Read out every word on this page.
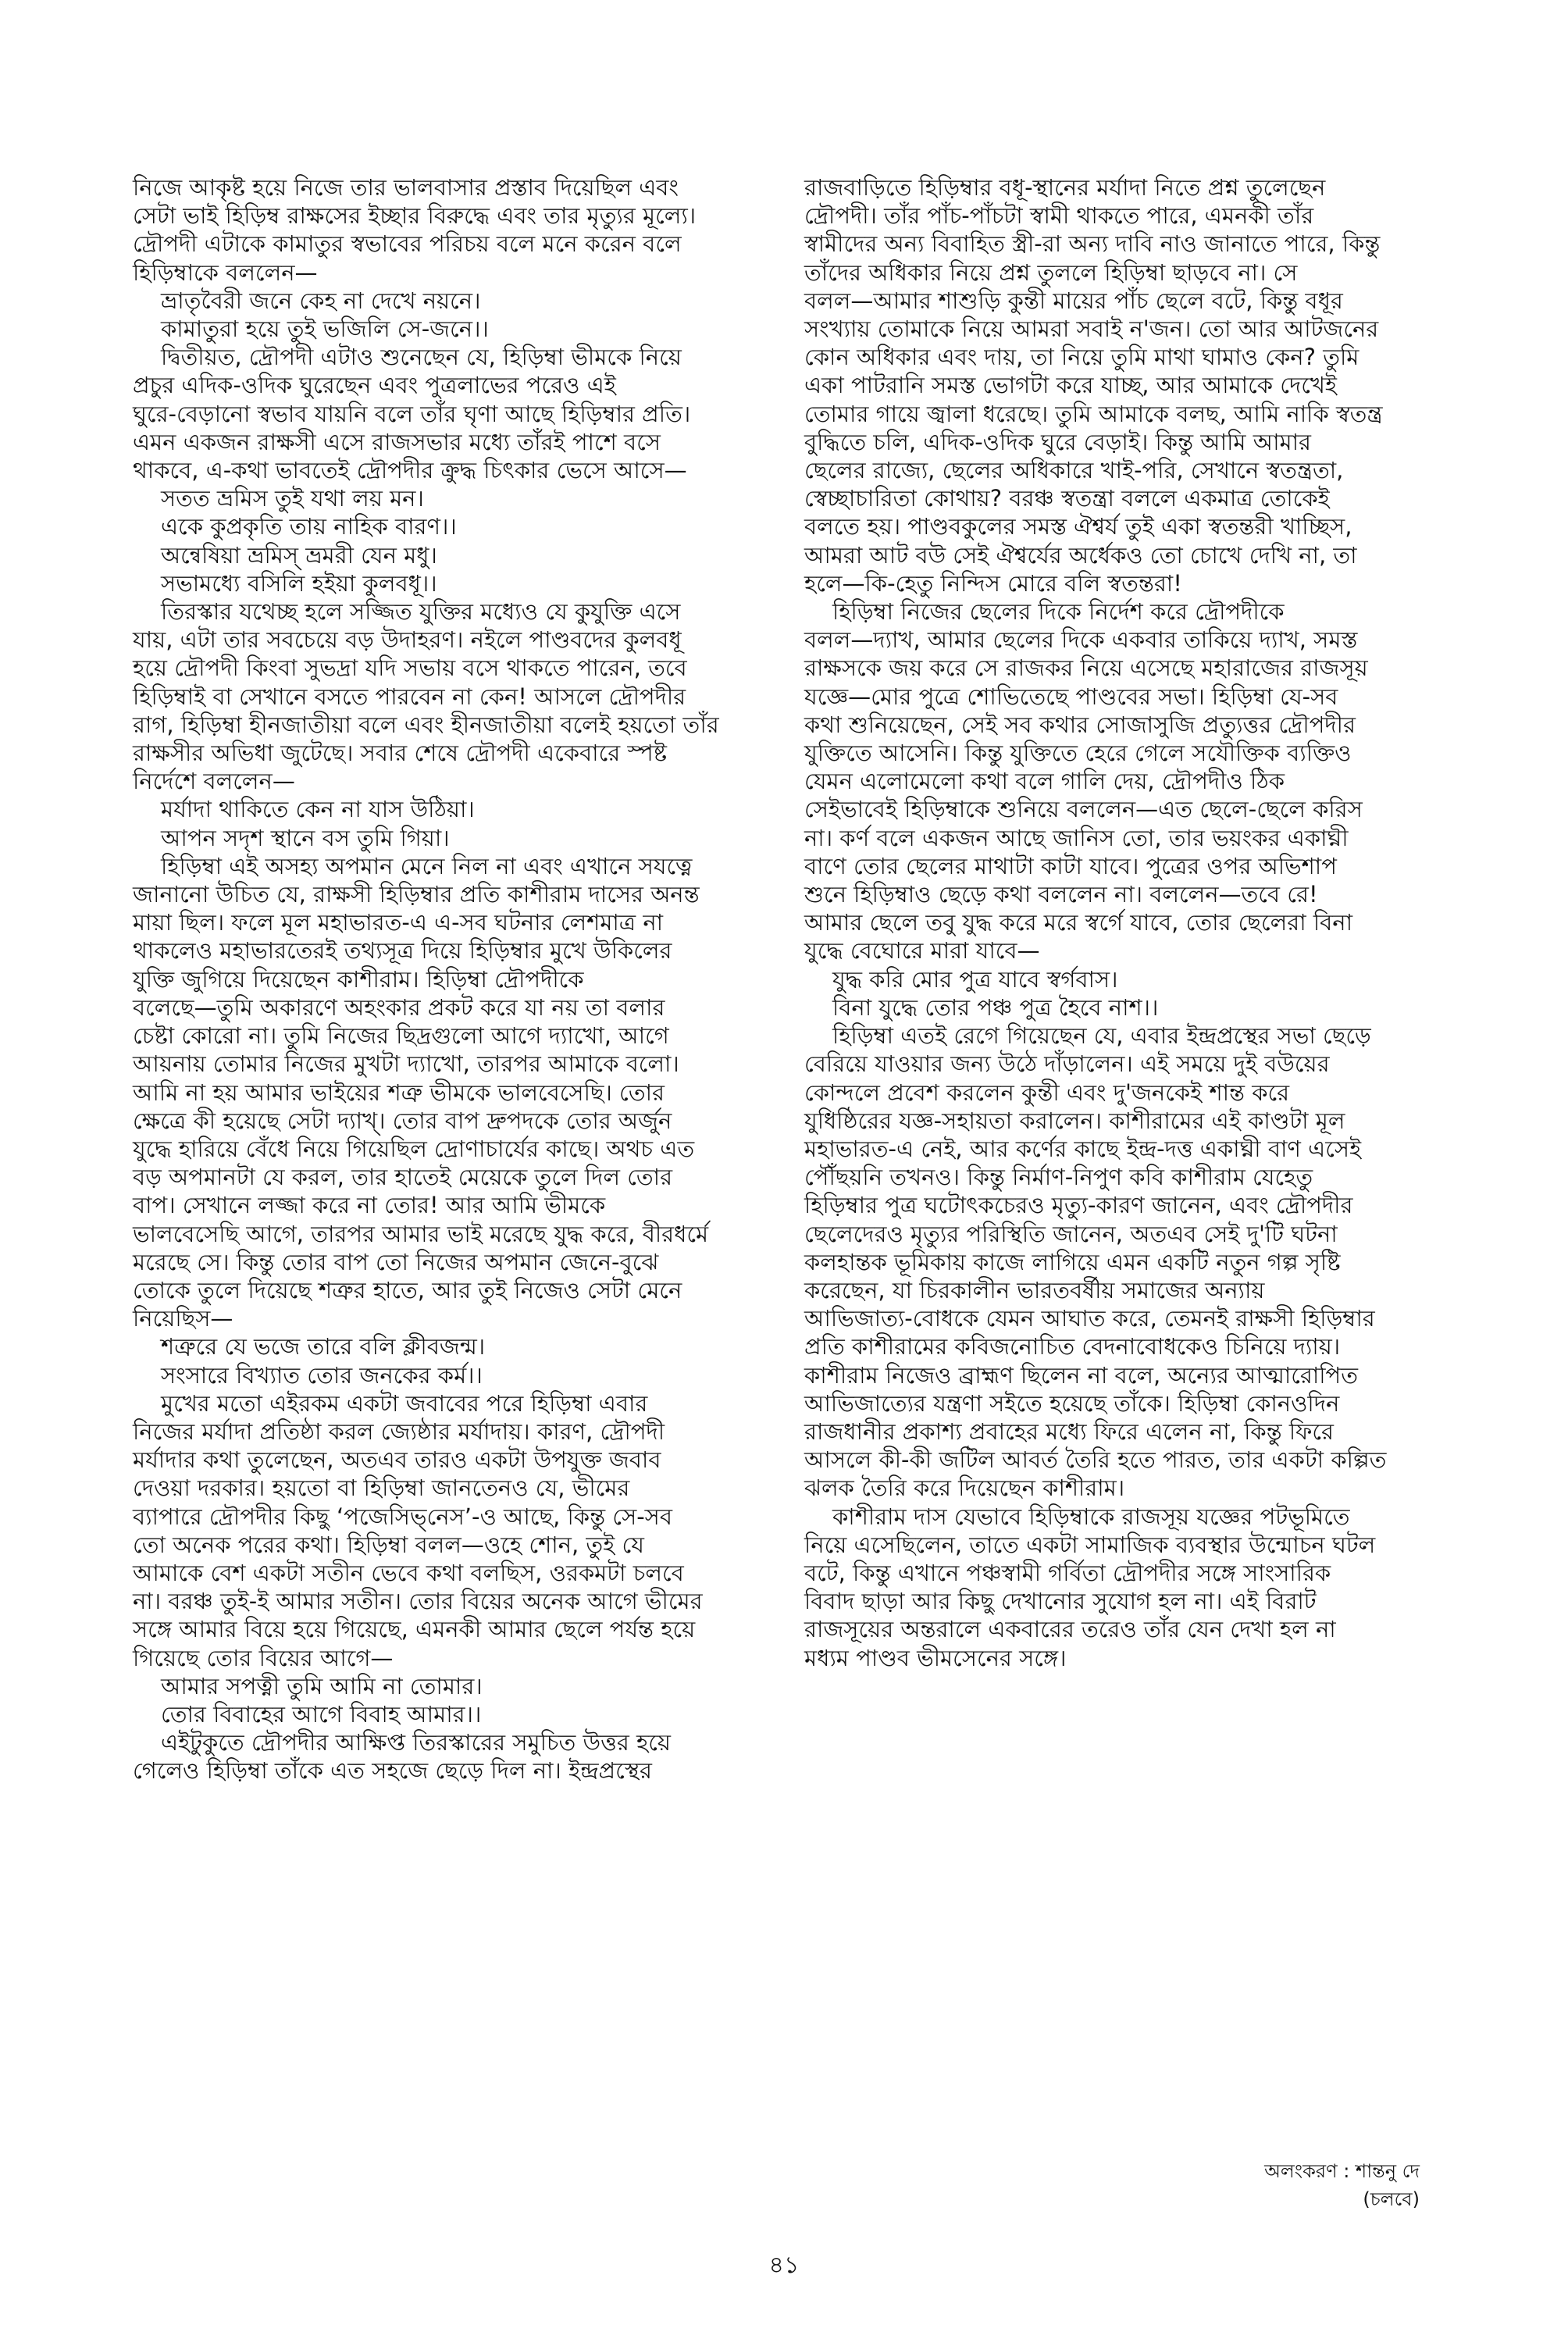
নিজে আকৃষ্ট হয়ে নিজে তার ভালবাসার প্রস্তাব দিয়েছিল এবং

সেটা ভাই হিড়িম্ব রাক্ষসের ইচ্ছার বিরুদ্ধে এবং তার মৃত্যুর মূল্যে।

দ্রৌপদী এটাকে কামাতুর স্বভাবের পরিচয় বলে মনে করেন বলে

হিড়িম্বাকে বললেন—

ভ্রাতৃবৈরী জনে কেহ না দেখে নয়নে।

কামাতুরা হয়ে তুই ভজিলি সে-জনে।।

দ্বিতীয়ত, দ্রৌপদী এটাও শুনেছেন যে, হিড়িম্বা ভীমকে নিয়ে

প্রচুর এদিক-ওদিক ঘুরেছেন এবং পুত্রলাভের পরেও এই

ঘুরে-বেড়ানো স্বভাব যায়নি বলে তাঁর ঘৃণা আছে হিড়িম্বার প্রতি।

এমন একজন রাক্ষসী এসে রাজসভার মধ্যে তাঁরই পাশে বসে

থাকবে, এ-কথা ভাবতেই দ্রৌপদীর ক্রুদ্ধ চিৎকার ভেসে আসে—

সতত ভ্রমিস তুই যথা লয় মন।

একে কুপ্রকৃতি তায় নাহিক বারণ।।

অন্বেষিয়া ভ্রমিস্ ভ্রমরী যেন মধু।

সভামধ্যে বসিলি হইয়া কুলবধূ।।

তিরস্কার যথেচ্ছ হলে সজ্জিত যুক্তির মধ্যেও যে কুযুক্তি এসে

যায়, এটা তার সবচেয়ে বড় উদাহরণ। নইলে পাণ্ডবদের কুলবধূ

হয়ে দ্রৌপদী কিংবা সুভদ্রা যদি সভায় বসে থাকতে পারেন, তবে

হিড়িম্বাই বা সেখানে বসতে পারবেন না কেন! আসলে দ্রৌপদীর

রাগ, হিড়িম্বা হীনজাতীয়া বলে এবং হীনজাতীয়া বলেই হয়তো তাঁর

রাক্ষসীর অভিধা জুটেছে। সবার শেষে দ্রৌপদী একেবারে স্পষ্ট

নির্দেশে বললেন—

মর্যাদা থাকিতে কেন না যাস উঠিয়া।

আপন সদৃশ স্থানে বস তুমি গিয়া।

হিড়িম্বা এই অসহ্য অপমান মেনে নিল না এবং এখানে সযত্নে

জানানো উচিত যে, রাক্ষসী হিড়িম্বার প্রতি কাশীরাম দাসের অনন্ত

মায়া ছিল। ফলে মূল মহাভারত-এ এ-সব ঘটনার লেশমাত্র না

থাকলেও মহাভারতেরই তথ্যসূত্র দিয়ে হিড়িম্বার মুখে উকিলের

যুক্তি জুগিয়ে দিয়েছেন কাশীরাম। হিড়িম্বা দ্রৌপদীকে

বলেছে—তুমি অকারণে অহংকার প্রকট করে যা নয় তা বলার

চেষ্টা কোরো না। তুমি নিজের ছিদ্রগুলো আগে দ্যাখো, আগে

আয়নায় তোমার নিজের মুখটা দ্যাখো, তারপর আমাকে বলো।

আমি না হয় আমার ভাইয়ের শত্রু ভীমকে ভালবেসেছি। তোর

ক্ষেত্রে কী হয়েছে সেটা দ্যাখ্। তোর বাপ দ্রুপদকে তোর অর্জুন

যুদ্ধে হারিয়ে বেঁধে নিয়ে গিয়েছিল দ্রোণাচার্যের কাছে। অথচ এত

বড় অপমানটা যে করল, তার হাতেই মেয়েকে তুলে দিল তোর

বাপ। সেখানে লজ্জা করে না তোর! আর আমি ভীমকে

ভালবেসেছি আগে, তারপর আমার ভাই মরেছে যুদ্ধ করে, বীরধর্মে

মরেছে সে। কিন্তু তোর বাপ তো নিজের অপমান জেনে-বুঝে

তোকে তুলে দিয়েছে শত্রুর হাতে, আর তুই নিজেও সেটা মেনে

নিয়েছিস—

শত্রুরে যে ভজে তারে বলি ক্লীবজন্ম।

সংসারে বিখ্যাত তোর জনকের কর্ম।।

মুখের মতো এইরকম একটা জবাবের পরে হিড়িম্বা এবার

নিজের মর্যাদা প্রতিষ্ঠা করল জ্যেষ্ঠার মর্যাদায়। কারণ, দ্রৌপদী

মর্যাদার কথা তুলেছেন, অতএব তারও একটা উপযুক্ত জবাব

দেওয়া দরকার। হয়তো বা হিড়িম্বা জানতেনও যে, ভীমের

ব্যাপারে দ্রৌপদীর কিছু ‘পজেসিভ্‌নেস’-ও আছে, কিন্তু সে-সব

তো অনেক পরের কথা। হিড়িম্বা বলল—ওহে শোন, তুই যে

আমাকে বেশ একটা সতীন ভেবে কথা বলছিস, ওরকমটা চলবে

না। বরঞ্চ তুই-ই আমার সতীন। তোর বিয়ের অনেক আগে ভীমের

সঙ্গে আমার বিয়ে হয়ে গিয়েছে, এমনকী আমার ছেলে পর্যন্ত হয়ে

গিয়েছে তোর বিয়ের আগে—

আমার সপত্নী তুমি আমি না তোমার।

তোর বিবাহের আগে বিবাহ আমার।।

এইটুকুতে দ্রৌপদীর আক্ষিপ্ত তিরস্কারের সমুচিত উত্তর হয়ে

গেলেও হিড়িম্বা তাঁকে এত সহজে ছেড়ে দিল না। ইন্দ্রপ্রস্থের

রাজবাড়িতে হিড়িম্বার বধূ-স্থানের মর্যাদা নিতে প্রশ্ন তুলেছেন

দ্রৌপদী। তাঁর পাঁচ-পাঁচটা স্বামী থাকতে পারে, এমনকী তাঁর

স্বামীদের অন্য বিবাহিত স্ত্রী-রা অন্য দাবি নাও জানাতে পারে, কিন্তু

তাঁদের অধিকার নিয়ে প্রশ্ন তুললে হিড়িম্বা ছাড়বে না। সে

বলল—আমার শাশুড়ি কুন্তী মায়ের পাঁচ ছেলে বটে, কিন্তু বধূর

সংখ্যায় তোমাকে নিয়ে আমরা সবাই ন'জন। তো আর আটজনের

কোন অধিকার এবং দায়, তা নিয়ে তুমি মাথা ঘামাও কেন? তুমি

একা পাটরানি সমস্ত ভোগটা করে যাচ্ছ, আর আমাকে দেখেই

তোমার গায়ে জ্বালা ধরেছে। তুমি আমাকে বলছ, আমি নাকি স্বতন্ত্র

বুদ্ধিতে চলি, এদিক-ওদিক ঘুরে বেড়াই। কিন্তু আমি আমার

ছেলের রাজ্যে, ছেলের অধিকারে খাই-পরি, সেখানে স্বতন্ত্রতা,

স্বেচ্ছাচারিতা কোথায়? বরঞ্চ স্বতন্ত্রা বললে একমাত্র তোকেই

বলতে হয়। পাণ্ডবকুলের সমস্ত ঐশ্বর্য তুই একা স্বতন্তরী খাচ্ছিস,

আমরা আট বউ সেই ঐশ্বর্যের অর্ধেকও তো চোখে দেখি না, তা

হলে—কি-হেতু নিন্দিস মোরে বলি স্বতন্তরা!

হিড়িম্বা নিজের ছেলের দিকে নির্দেশ করে দ্রৌপদীকে

বলল—দ্যাখ, আমার ছেলের দিকে একবার তাকিয়ে দ্যাখ, সমস্ত

রাক্ষসকে জয় করে সে রাজকর নিয়ে এসেছে মহারাজের রাজসূয়

যজ্ঞে—মোর পুত্রে শোভিতেছে পাণ্ডবের সভা। হিড়িম্বা যে-সব

কথা শুনিয়েছেন, সেই সব কথার সোজাসুজি প্রত্যুত্তর দ্রৌপদীর

যুক্তিতে আসেনি। কিন্তু যুক্তিতে হেরে গেলে সযৌক্তিক ব্যক্তিও

যেমন এলোমেলো কথা বলে গালি দেয়, দ্রৌপদীও ঠিক

সেইভাবেই হিড়িম্বাকে শুনিয়ে বললেন—এত ছেলে-ছেলে করিস

না। কর্ণ বলে একজন আছে জানিস তো, তার ভয়ংকর একাঘ্নী

বাণে তোর ছেলের মাথাটা কাটা যাবে। পুত্রের ওপর অভিশাপ

শুনে হিড়িম্বাও ছেড়ে কথা বললেন না। বললেন—তবে রে!

আমার ছেলে তবু যুদ্ধ করে মরে স্বর্গে যাবে, তোর ছেলেরা বিনা

যুদ্ধে বেঘোরে মারা যাবে—

যুদ্ধ করি মোর পুত্র যাবে স্বর্গবাস।

বিনা যুদ্ধে তোর পঞ্চ পুত্র হৈবে নাশ।।

হিড়িম্বা এতই রেগে গিয়েছেন যে, এবার ইন্দ্রপ্রস্থের সভা ছেড়ে

বেরিয়ে যাওয়ার জন্য উঠে দাঁড়ালেন। এই সময়ে দুই বউয়ের

কোন্দলে প্রবেশ করলেন কুন্তী এবং দু'জনকেই শান্ত করে

যুধিষ্ঠিরের যজ্ঞ-সহায়তা করালেন। কাশীরামের এই কাণ্ডটা মূল

মহাভারত-এ নেই, আর কর্ণের কাছে ইন্দ্র-দত্ত একাঘ্নী বাণ এসেই

পৌঁছয়নি তখনও। কিন্তু নির্মাণ-নিপুণ কবি কাশীরাম যেহেতু

হিড়িম্বার পুত্র ঘটোৎকচেরও মৃত্যু-কারণ জানেন, এবং দ্রৌপদীর

ছেলেদেরও মৃত্যুর পরিস্থিতি জানেন, অতএব সেই দু'টি ঘটনা

কলহান্তক ভূমিকায় কাজে লাগিয়ে এমন একটি নতুন গল্প সৃষ্টি

করেছেন, যা চিরকালীন ভারতবর্ষীয় সমাজের অন্যায়

আভিজাত্য-বোধকে যেমন আঘাত করে, তেমনই রাক্ষসী হিড়িম্বার

প্রতি কাশীরামের কবিজনোচিত বেদনাবোধকেও চিনিয়ে দ্যায়।

কাশীরাম নিজেও ব্রাহ্মণ ছিলেন না বলে, অন্যের আত্মারোপিত

আভিজাত্যের যন্ত্রণা সইতে হয়েছে তাঁকে। হিড়িম্বা কোনওদিন

রাজধানীর প্রকাশ্য প্রবাহের মধ্যে ফিরে এলেন না, কিন্তু ফিরে

আসলে কী-কী জটিল আবর্ত তৈরি হতে পারত, তার একটা কল্পিত

ঝলক তৈরি করে দিয়েছেন কাশীরাম।

কাশীরাম দাস যেভাবে হিড়িম্বাকে রাজসূয় যজ্ঞের পটভূমিতে

নিয়ে এসেছিলেন, তাতে একটা সামাজিক ব্যবস্থার উন্মোচন ঘটল

বটে, কিন্তু এখানে পঞ্চস্বামী গর্বিতা দ্রৌপদীর সঙ্গে সাংসারিক

বিবাদ ছাড়া আর কিছু দেখানোর সুযোগ হল না। এই বিরাট

রাজসূয়ের অন্তরালে একবারের তরেও তাঁর যেন দেখা হল না

মধ্যম পাণ্ডব ভীমসেনের সঙ্গে।

অলংকরণ : শান্তনু দে
(চলবে)
৪১
